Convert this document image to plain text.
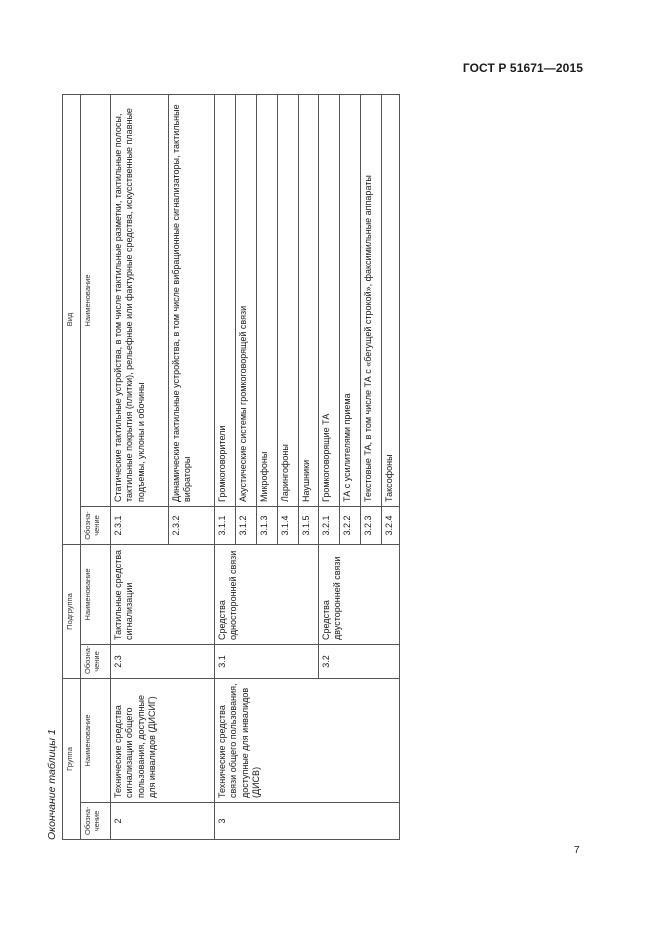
ГОСТ Р 51671—2015
Окончание таблицы 1 Группа		Подгруппа		Вид	
Обозна-чение	Наименование	Обозна-чение	Наименование	Обозна-чение	Наименование
2	Технические средства сигнализации общего пользования, доступные для инвалидов (ДИСИГ)	2.3	Тактильные средства сигнализации	2.3.1	Статические тактильные устройства, в том числе тактильные разметки, тактильные полосы, тактильные покрытия (плитки), рельефные или фактурные средства, искусственные плавные подъемы, уклоны и обочины
				2.3.2	Динамические тактильные устройства, в том числе вибрационные сигнализаторы, тактильные вибраторы
3	Технические средства связи общего пользования, доступные для инвалидов (ДИСВ)	3.1	Средства односторонней связи	3.1.1	Громкоговорители
				3.1.2	Акустические системы громкоговорящей связи
				3.1.3	Микрофоны
				3.1.4	Ларингофоны
				3.1.5	Наушники
		3.2	Средства двусторонней связи	3.2.1	Громкоговорящие ТА
				3.2.2	ТА с усилителями приема
				3.2.3	Текстовые ТА, в том числе ТА с «бегущей строкой», факсимильные аппараты
				3.2.4	Таксофоны
7
